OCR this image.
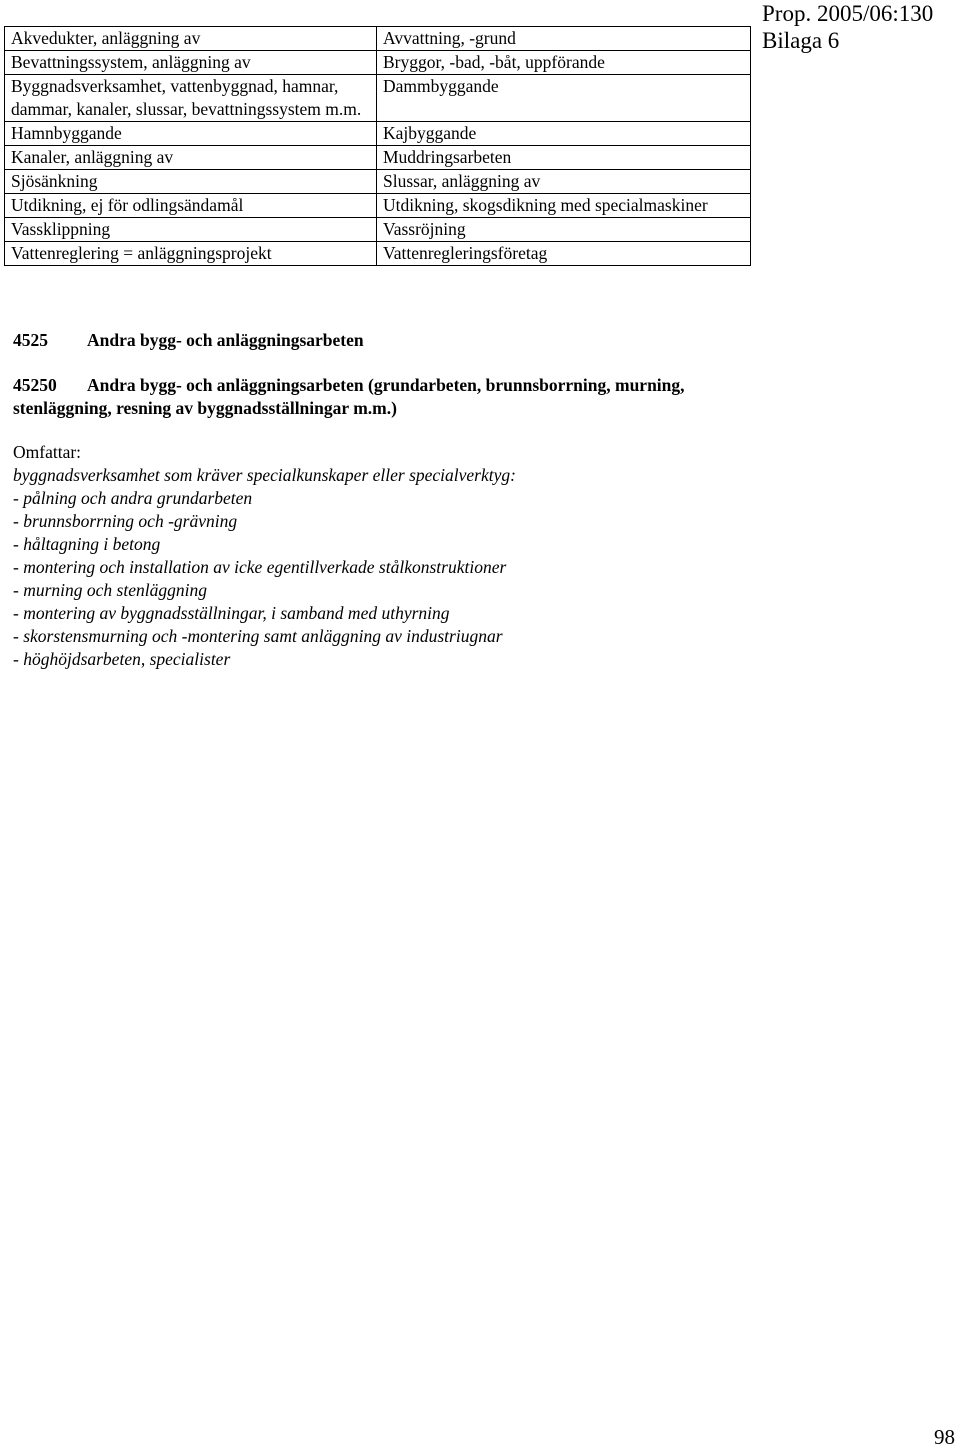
Prop. 2005/06:130
Bilaga 6
Akvedukter, anläggning av	Avvattning, -grund
Bevattningssystem, anläggning av	Bryggor, -bad, -båt, uppförande
Byggnadsverksamhet, vattenbyggnad, hamnar, dammar, kanaler, slussar, bevattningssystem m.m.	Dammbyggande
Hamnbyggande	Kajbyggande
Kanaler, anläggning av	Muddringsarbeten
Sjösänkning	Slussar, anläggning av
Utdikning, ej för odlingsändamål	Utdikning, skogsdikning med specialmaskiner
Vassklippning	Vassröjning
Vattenreglering = anläggningsprojekt	Vattenregleringsföretag
4525 Andra bygg- och anläggningsarbeten
45250 Andra bygg- och anläggningsarbeten (grundarbeten, brunnsborrning, murning, stenläggning, resning av byggnadsställningar m.m.)
Omfattar:
byggnadsverksamhet som kräver specialkunskaper eller specialverktyg:
- pålning och andra grundarbeten
- brunnsborrning och -grävning
- håltagning i betong
- montering och installation av icke egentillverkade stålkonstruktioner
- murning och stenläggning
- montering av byggnadsställningar, i samband med uthyrning
- skorstensmurning och -montering samt anläggning av industriugnar
- höghöjdsarbeten, specialister
98
